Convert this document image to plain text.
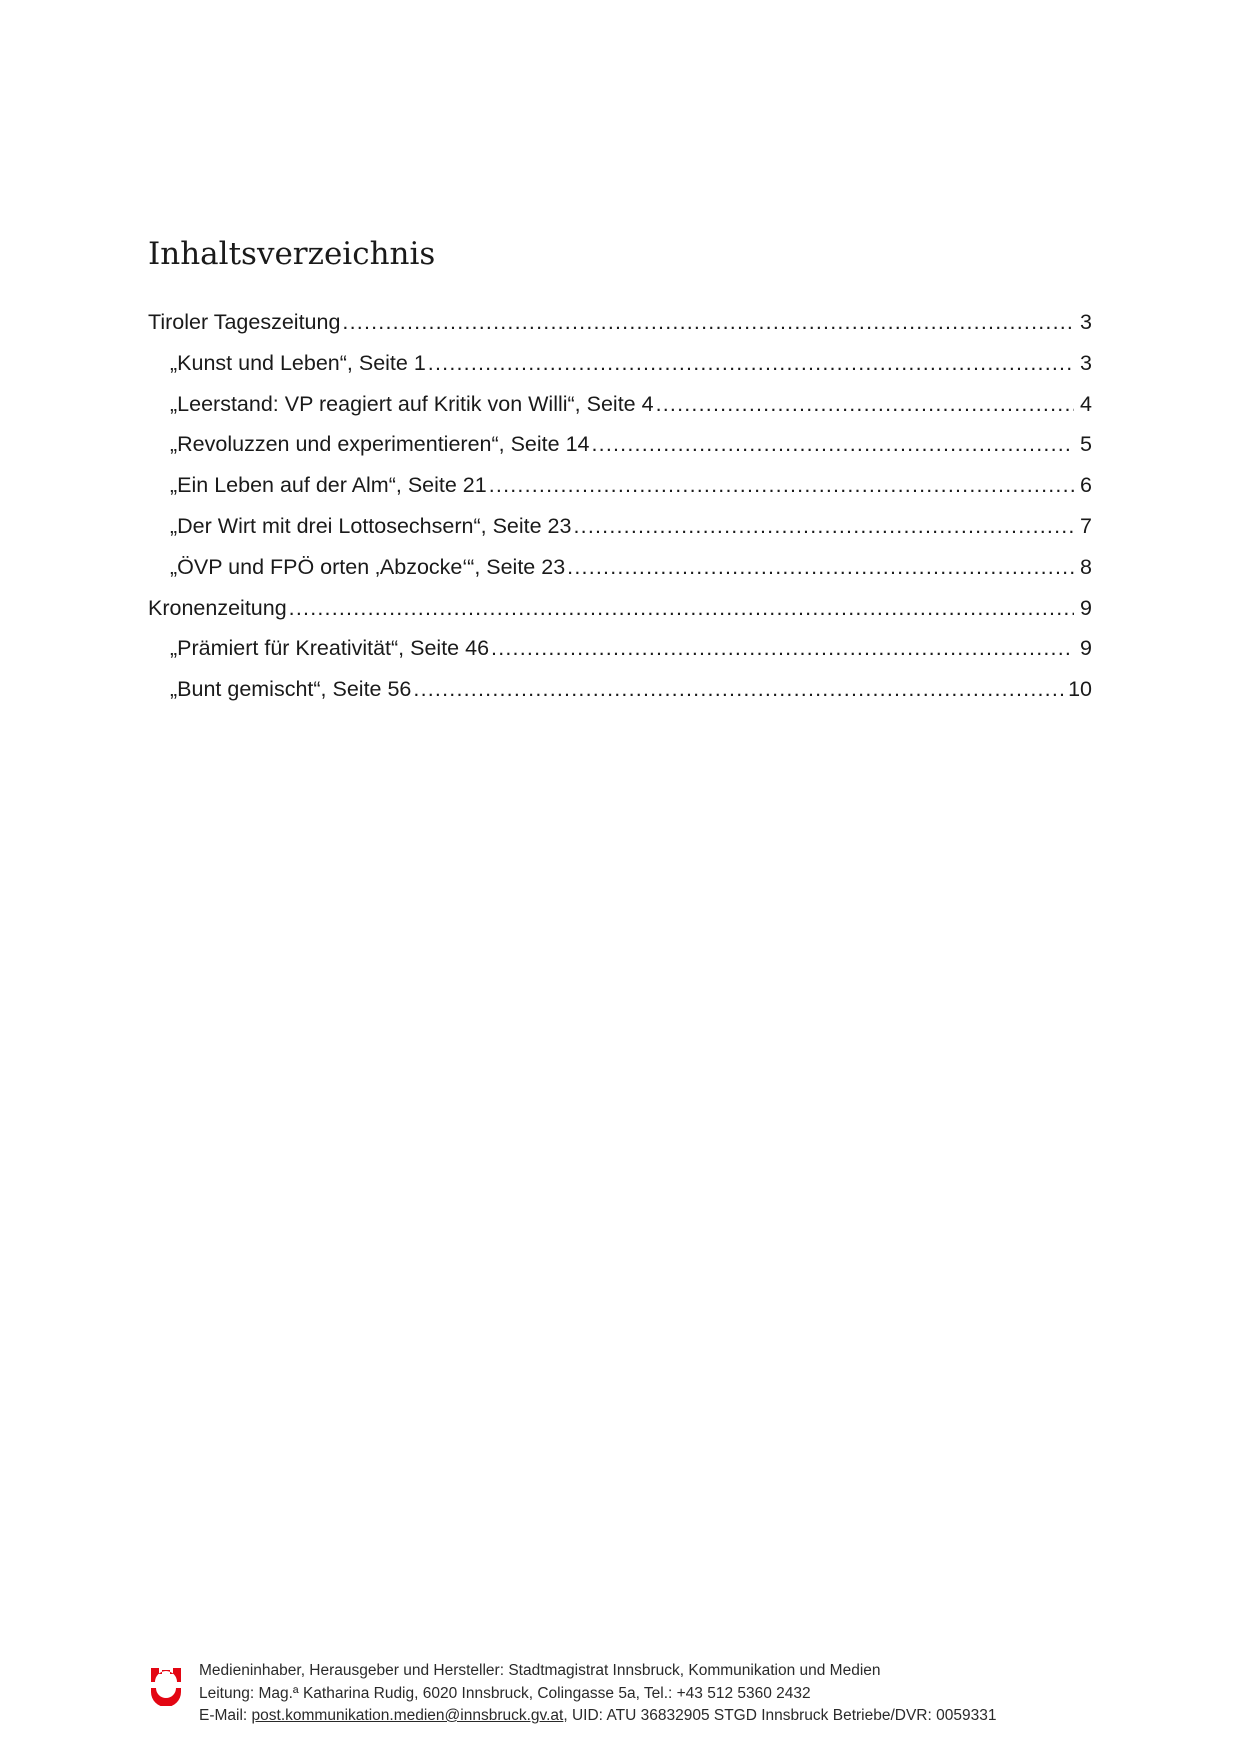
Inhaltsverzeichnis
Tiroler Tageszeitung .....	3
„Kunst und Leben“, Seite 1 .....	3
„Leerstand: VP reagiert auf Kritik von Willi“, Seite 4 .....	4
„Revoluzzen und experimentieren“, Seite 14 .....	5
„Ein Leben auf der Alm“, Seite 21 .....	6
„Der Wirt mit drei Lottosechsern“, Seite 23 .....	7
„ÖVP und FPÖ orten ‚Abzocke‘“, Seite 23 .....	8
Kronenzeitung .....	9
„Prämiert für Kreativität“, Seite 46 .....	9
„Bunt gemischt“, Seite 56 .....	10
Medieninhaber, Herausgeber und Hersteller: Stadtmagistrat Innsbruck, Kommunikation und Medien
Leitung: Mag.ª Katharina Rudig, 6020 Innsbruck, Colingasse 5a, Tel.: +43 512 5360 2432
E-Mail: post.kommunikation.medien@innsbruck.gv.at, UID: ATU 36832905 STGD Innsbruck Betriebe/DVR: 0059331
